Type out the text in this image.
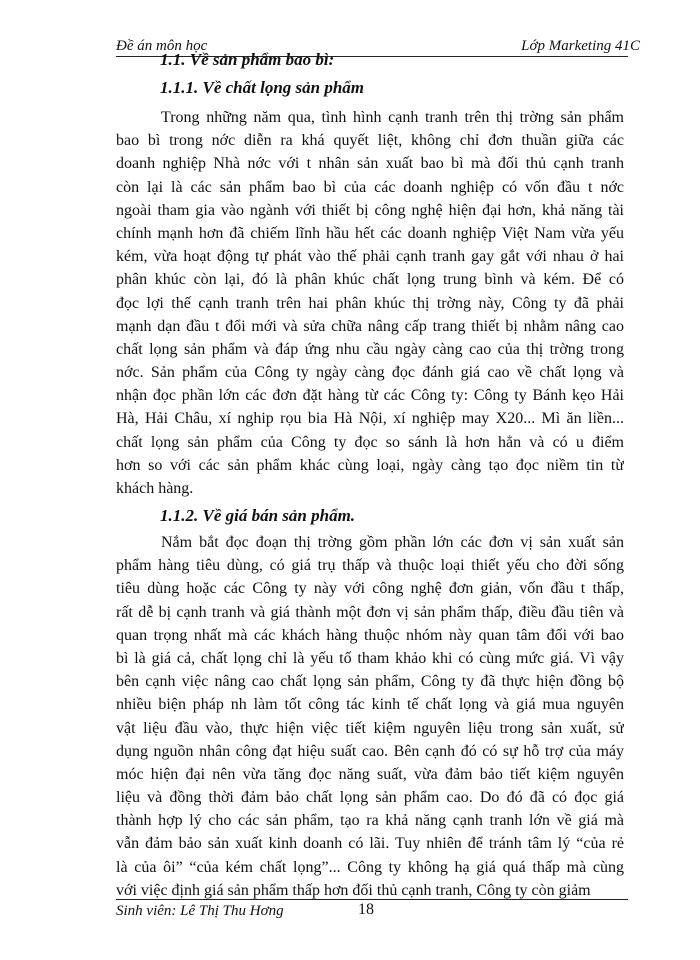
Đề án môn học	Lớp Marketing 41C
1.1. Về sản phẩm bao bì:
1.1.1. Về chất lọng sản phẩm
Trong những năm qua, tình hình cạnh tranh trên thị trờng sản phẩm
bao bì trong nớc diễn ra khá quyết liệt, không chỉ đơn thuần giữa các
doanh nghiệp Nhà nớc với t nhân sản xuất bao bì mà đối thủ cạnh tranh
còn lại là các sản phẩm bao bì của các doanh nghiệp có vốn đầu t nớc
ngoài tham gia vào ngành với thiết bị công nghệ hiện đại hơn, khả năng tài
chính mạnh hơn đã chiếm lĩnh hầu hết các doanh nghiệp Việt Nam vừa yếu
kém, vừa hoạt động tự phát vào thế phải cạnh tranh gay gắt với nhau ở hai
phân khúc còn lại, đó là phân khúc chất lọng trung bình và kém. Để có
đọc lợi thế cạnh tranh trên hai phân khúc thị trờng này, Công ty đã phải
mạnh dạn đầu t đổi mới và sửa chữa nâng cấp trang thiết bị nhằm nâng cao
chất lọng sản phẩm và đáp ứng nhu cầu ngày càng cao của thị trờng trong
nớc. Sản phẩm của Công ty ngày càng đọc đánh giá cao về chất lọng và
nhận đọc phần lớn các đơn đặt hàng từ các Công ty: Công ty Bánh kẹo Hải
Hà, Hải Châu, xí nghip rọu bia Hà Nội, xí nghiệp may X20... Mì ăn liền...
chất lọng sản phẩm của Công ty đọc so sánh là hơn hẳn và có u điểm
hơn so với các sản phẩm khác cùng loại, ngày càng tạo đọc niềm tin từ
khách hàng.
1.1.2. Về giá bán sản phẩm.
Nắm bắt đọc đoạn thị trờng gồm phần lớn các đơn vị sản xuất sản
phẩm hàng tiêu dùng, có giá trụ thấp và thuộc loại thiết yếu cho đời sống
tiêu dùng hoặc các Công ty này với công nghệ đơn giản, vốn đầu t thấp,
rất dễ bị cạnh tranh và giá thành một đơn vị sản phẩm thấp, điều đầu tiên và
quan trọng nhất mà các khách hàng thuộc nhóm này quan tâm đối với bao
bì là giá cả, chất lọng chỉ là yếu tố tham khảo khi có cùng mức giá. Vì vậy
bên cạnh việc nâng cao chất lọng sản phẩm, Công ty đã thực hiện đồng bộ
nhiều biện pháp nh làm tốt công tác kinh tế chất lọng và giá mua nguyên
vật liệu đầu vào, thực hiện việc tiết kiệm nguyên liệu trong sản xuất, sử
dụng nguồn nhân công đạt hiệu suất cao. Bên cạnh đó có sự hỗ trợ của máy
móc hiện đại nên vừa tăng đọc năng suất, vừa đảm bảo tiết kiệm nguyên
liệu và đồng thời đảm bảo chất lọng sản phẩm cao. Do đó đã có đọc giá
thành hợp lý cho các sản phẩm, tạo ra khả năng cạnh tranh lớn về giá mà
vẫn đảm bảo sản xuất kinh doanh có lãi. Tuy nhiên để tránh tâm lý “của rẻ
là của ôi” “của kém chất lọng”... Công ty không hạ giá quá thấp mà cùng
với việc định giá sản phẩm thấp hơn đối thủ cạnh tranh, Công ty còn giảm
Sinh viên: Lê Thị Thu Hơng	18
